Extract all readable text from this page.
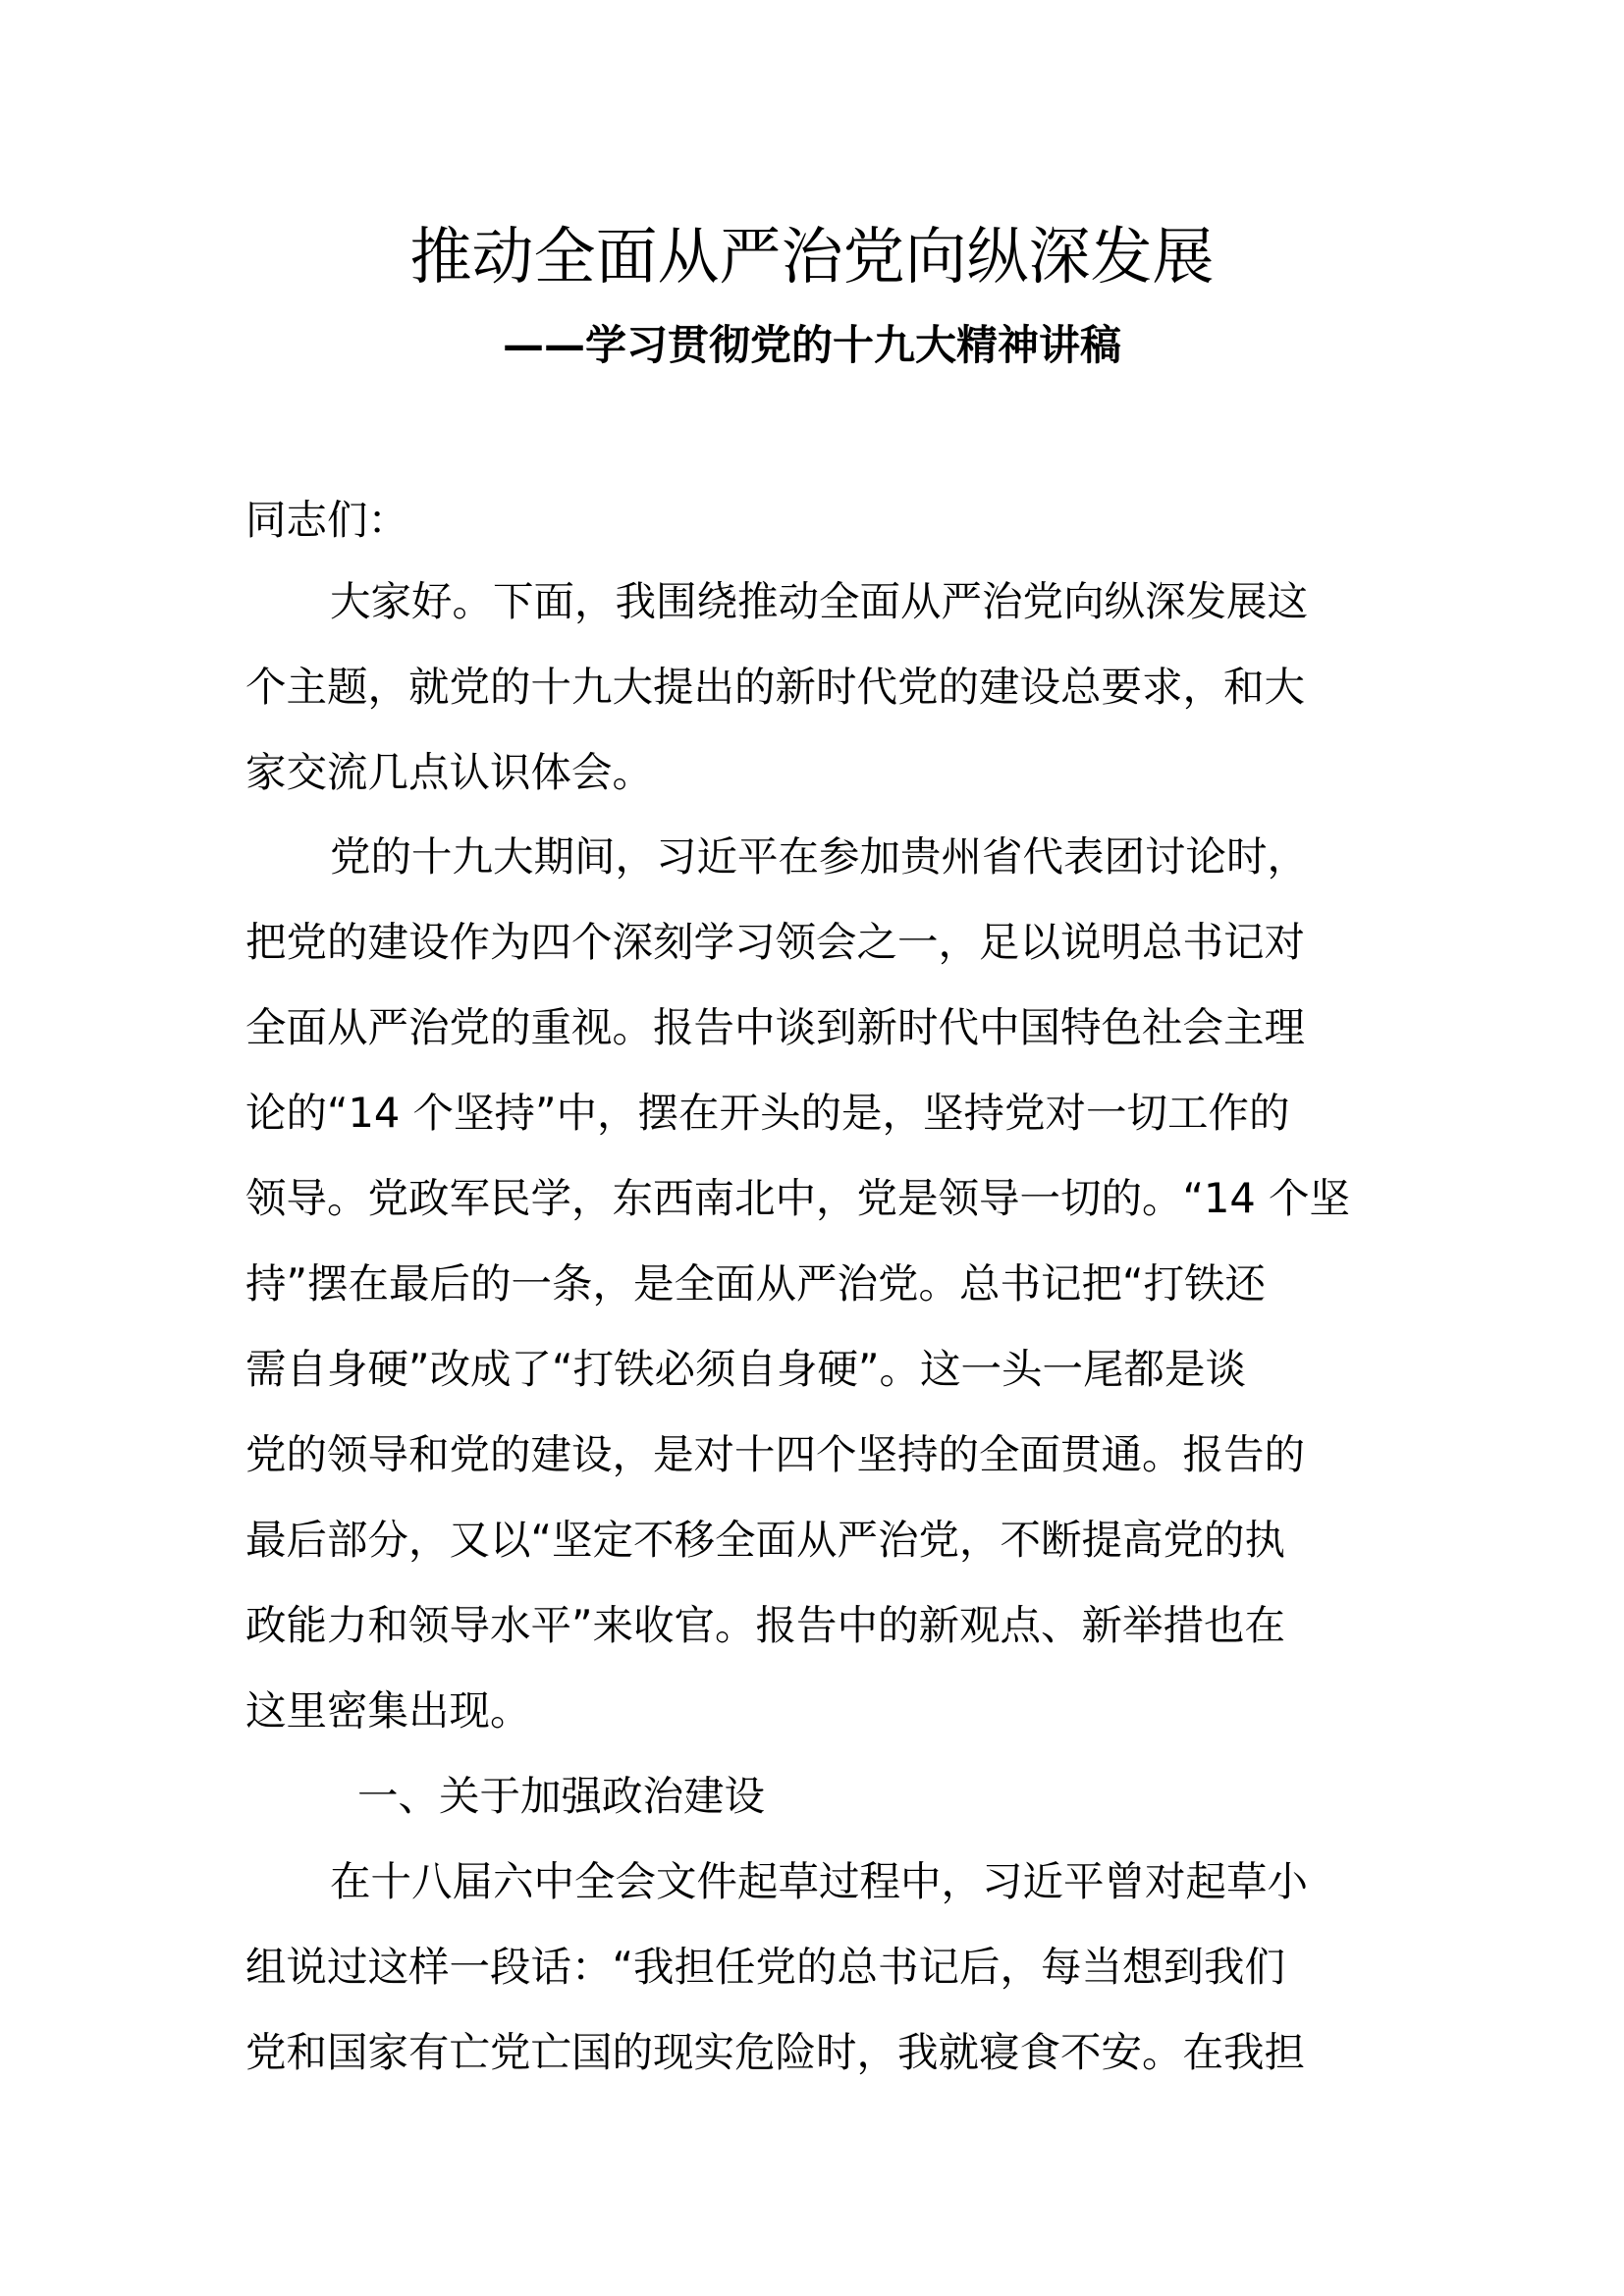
推动全面从严治党向纵深发展
——学习贯彻党的十九大精神讲稿
同志们：
大家好。下面，我围绕推动全面从严治党向纵深发展这
个主题，就党的十九大提出的新时代党的建设总要求，和大
家交流几点认识体会。
党的十九大期间，习近平在参加贵州省代表团讨论时，
把党的建设作为四个深刻学习领会之一，足以说明总书记对
全面从严治党的重视。报告中谈到新时代中国特色社会主理
论的“14 个坚持”中，摆在开头的是，坚持党对一切工作的
领导。党政军民学，东西南北中，党是领导一切的。“14 个坚
持”摆在最后的一条，是全面从严治党。总书记把“打铁还
需自身硬”改成了“打铁必须自身硬”。这一头一尾都是谈
党的领导和党的建设，是对十四个坚持的全面贯通。报告的
最后部分，又以“坚定不移全面从严治党，不断提高党的执
政能力和领导水平”来收官。报告中的新观点、新举措也在
这里密集出现。
一、关于加强政治建设
在十八届六中全会文件起草过程中，习近平曾对起草小
组说过这样一段话：“我担任党的总书记后，每当想到我们
党和国家有亡党亡国的现实危险时，我就寝食不安。在我担
